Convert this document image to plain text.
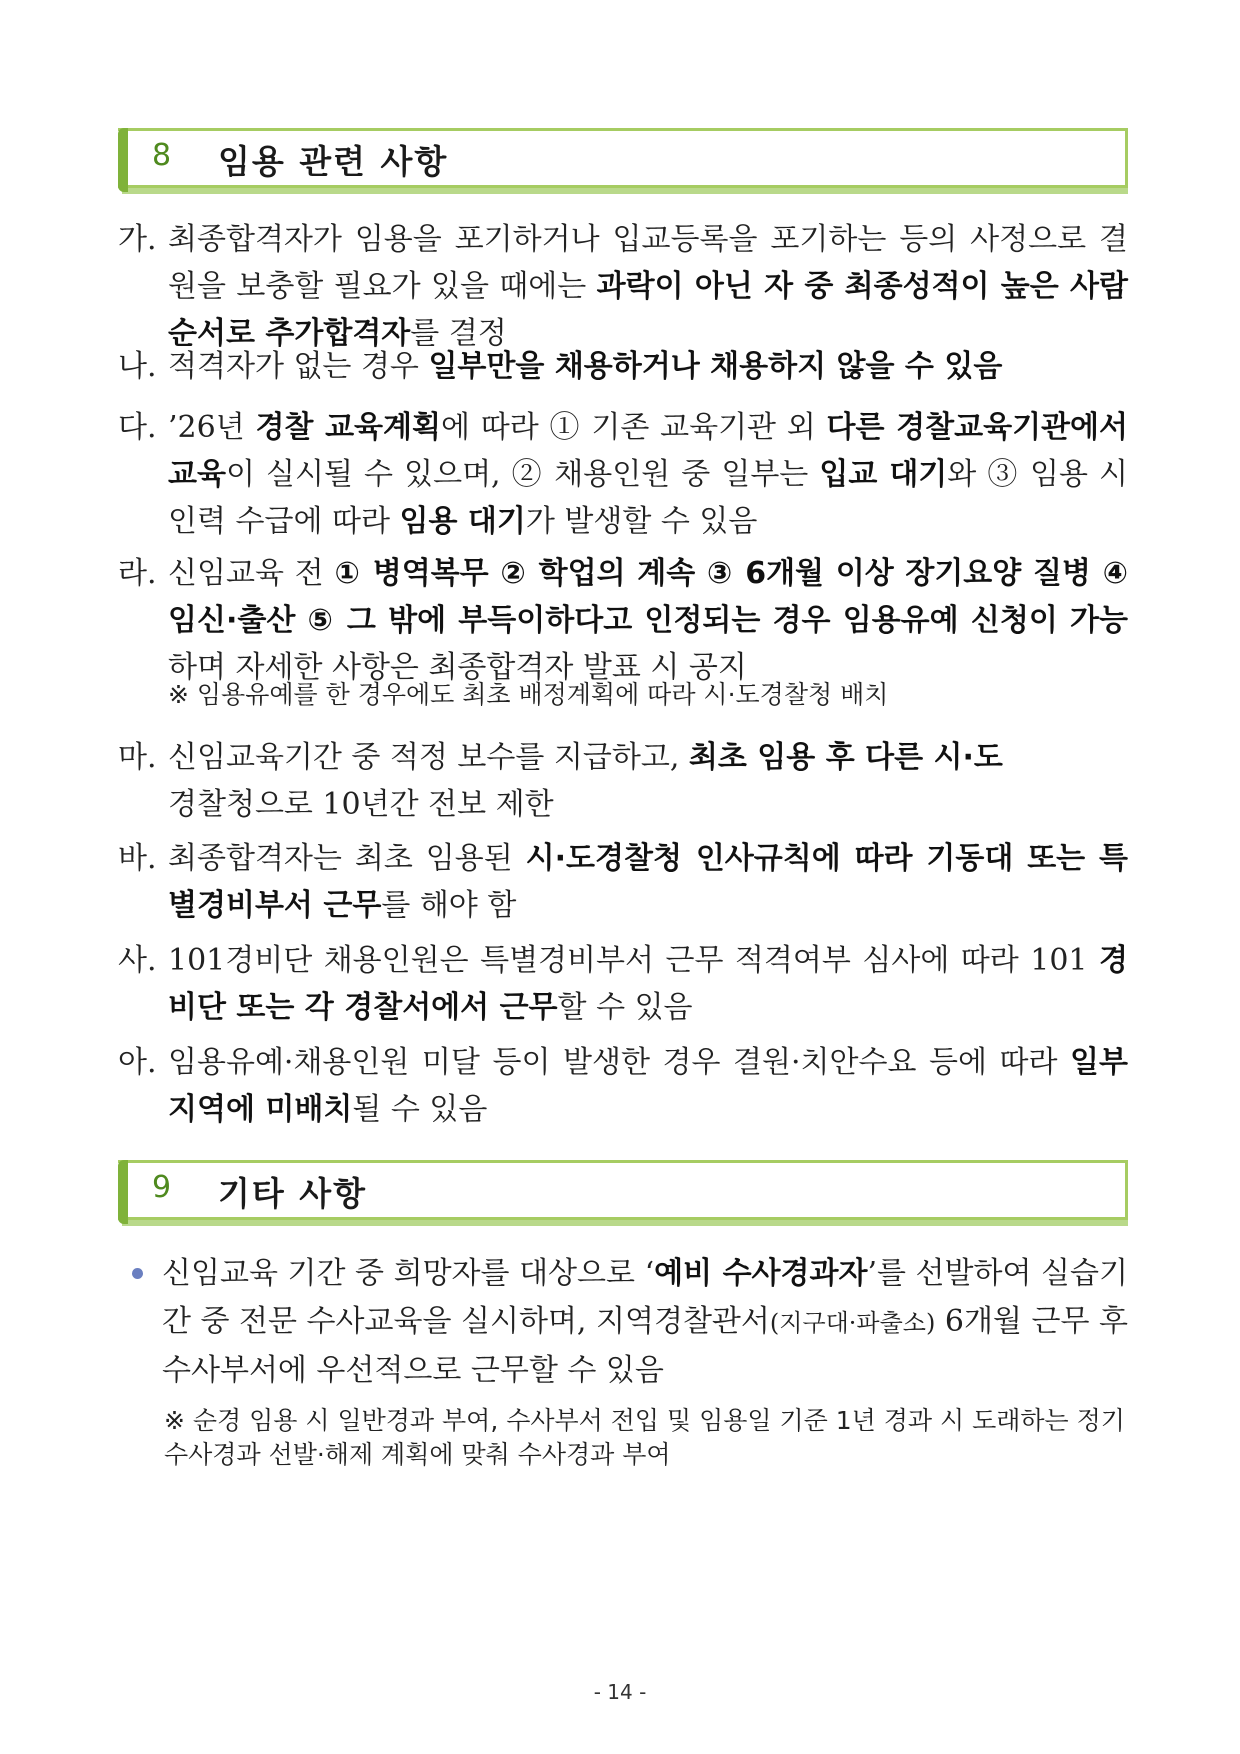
8 임용 관련 사항
가. 최종합격자가 임용을 포기하거나 입교등록을 포기하는 등의 사정으로 결원을 보충할 필요가 있을 때에는 과락이 아닌 자 중 최종성적이 높은 사람 순서로 추가합격자를 결정
나. 적격자가 없는 경우 일부만을 채용하거나 채용하지 않을 수 있음
다. ’26년 경찰 교육계획에 따라 ① 기존 교육기관 외 다른 경찰교육기관에서 교육이 실시될 수 있으며, ② 채용인원 중 일부는 입교 대기와 ③ 임용 시 인력 수급에 따라 임용 대기가 발생할 수 있음
라. 신임교육 전 ① 병역복무 ② 학업의 계속 ③ 6개월 이상 장기요양 질병 ④ 임신·출산 ⑤ 그 밖에 부득이하다고 인정되는 경우 임용유예 신청이 가능하며 자세한 사항은 최종합격자 발표 시 공지
※ 임용유예를 한 경우에도 최초 배정계획에 따라 시·도경찰청 배치
마. 신임교육기간 중 적정 보수를 지급하고, 최초 임용 후 다른 시·도
경찰청으로 10년간 전보 제한
바. 최종합격자는 최초 임용된 시·도경찰청 인사규칙에 따라 기동대 또는 특별경비부서 근무를 해야 함
사. 101경비단 채용인원은 특별경비부서 근무 적격여부 심사에 따라 101 경비단 또는 각 경찰서에서 근무할 수 있음
아. 임용유예·채용인원 미달 등이 발생한 경우 결원·치안수요 등에 따라 일부 지역에 미배치될 수 있음
9 기타 사항
신임교육 기간 중 희망자를 대상으로 ‘예비 수사경과자’를 선발하여 실습기간 중 전문 수사교육을 실시하며, 지역경찰관서(지구대·파출소) 6개월 근무 후 수사부서에 우선적으로 근무할 수 있음
※ 순경 임용 시 일반경과 부여, 수사부서 전입 및 임용일 기준 1년 경과 시 도래하는 정기 수사경과 선발·해제 계획에 맞춰 수사경과 부여
- 14 -
